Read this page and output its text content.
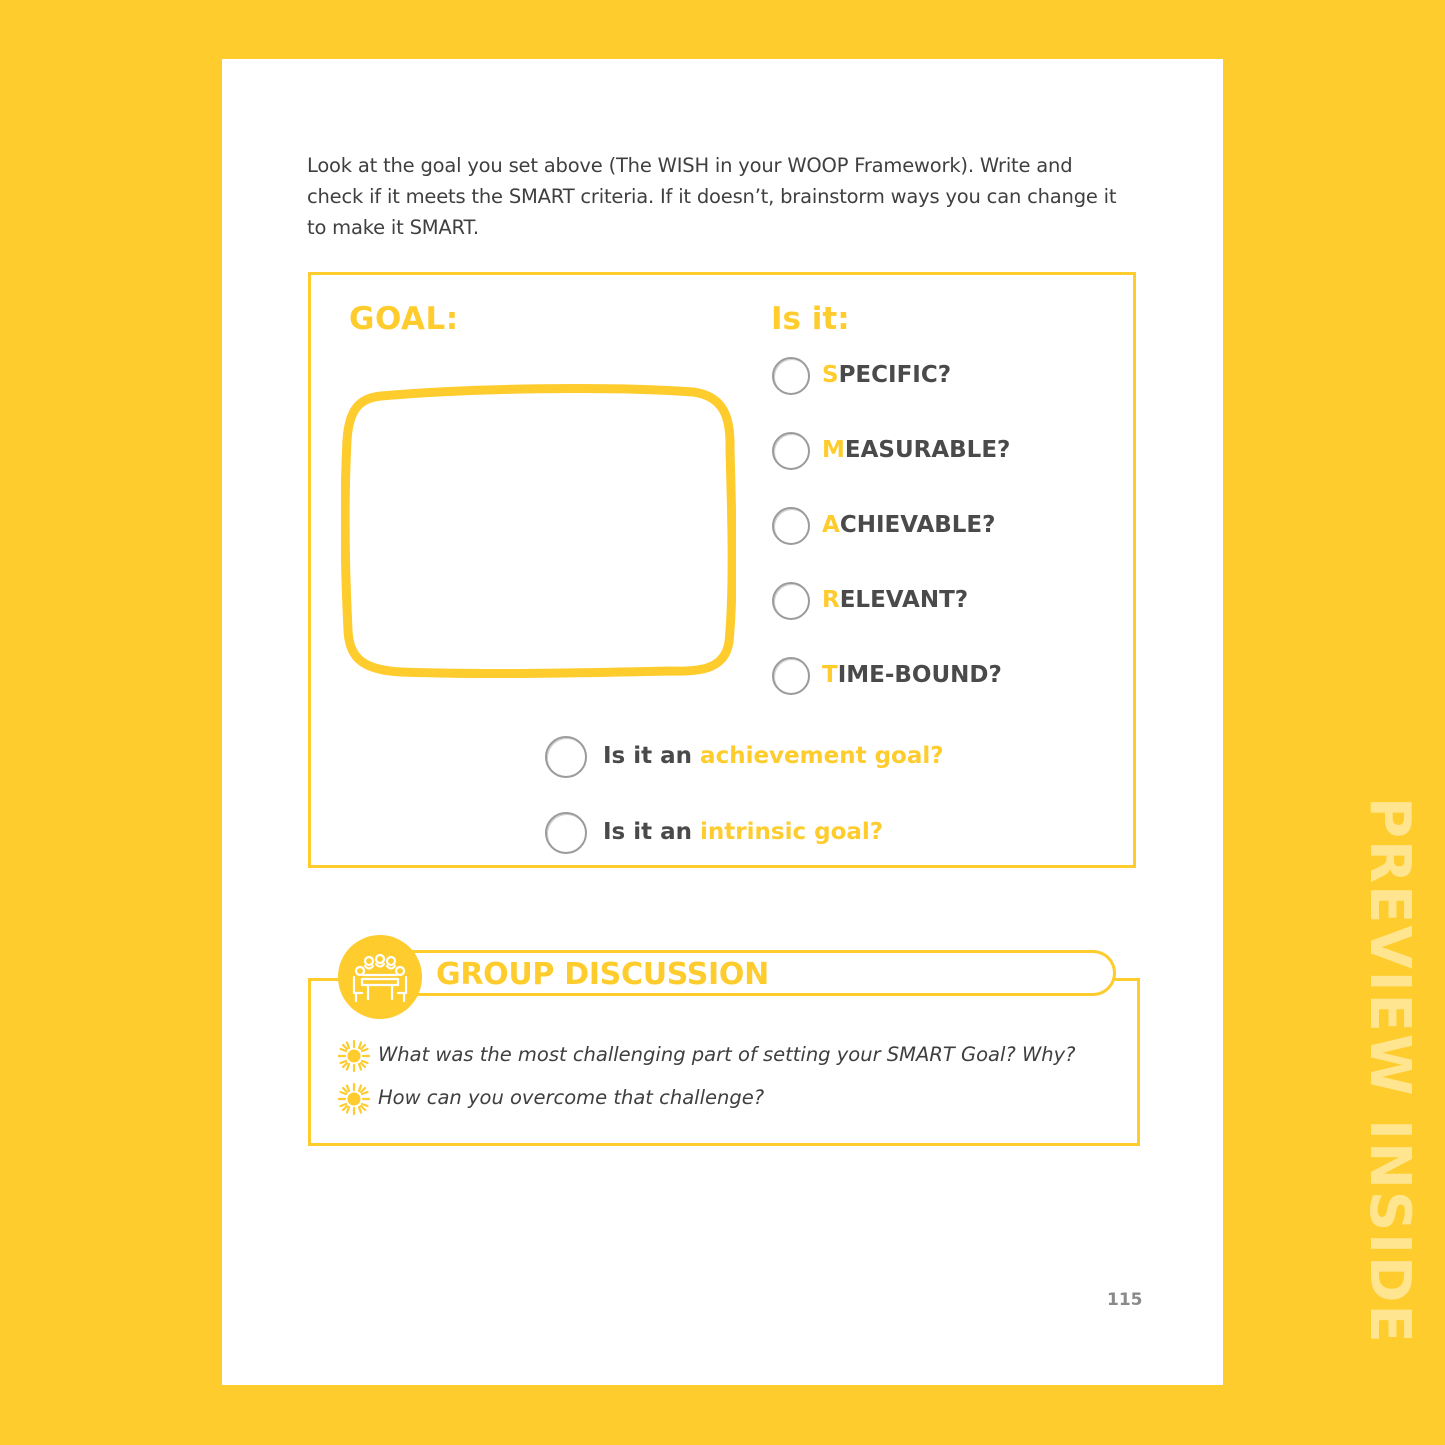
Look at the goal you set above (The WISH in your WOOP Framework). Write and
check if it meets the SMART criteria. If it doesn’t, brainstorm ways you can change it
to make it SMART.
GOAL:	Is it:
SPECIFIC?
MEASURABLE?
ACHIEVABLE?
RELEVANT?
TIME-BOUND?
Is it an achievement goal?
Is it an intrinsic goal?
GROUP DISCUSSION
What was the most challenging part of setting your SMART Goal? Why?
How can you overcome that challenge?
115	PREVIEW INSIDE
